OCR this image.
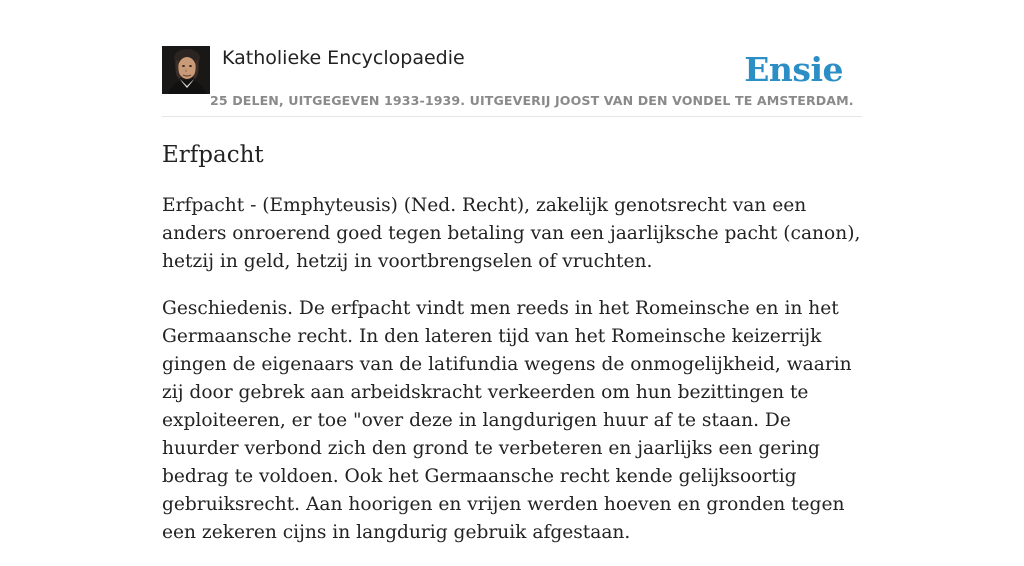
Katholieke Encyclopaedie
25 DELEN, UITGEGEVEN 1933-1939. UITGEVERIJ JOOST VAN DEN VONDEL TE AMSTERDAM.
Ensie
Erfpacht

Erfpacht - (Emphyteusis) (Ned. Recht), zakelijk genotsrecht van een anders onroerend goed tegen betaling van een jaarlijksche pacht (canon), hetzij in geld, hetzij in voortbrengselen of vruchten.

Geschiedenis. De erfpacht vindt men reeds in het Romeinsche en in het Germaansche recht. In den lateren tijd van het Romeinsche keizerrijk gingen de eigenaars van de latifundia wegens de onmogelijkheid, waarin zij door gebrek aan arbeidskracht verkeerden om hun bezittingen te exploiteeren, er toe "over deze in langdurigen huur af te staan. De huurder verbond zich den grond te verbeteren en jaarlijks een gering bedrag te voldoen. Ook het Germaansche recht kende gelijksoortig gebruiksrecht. Aan hoorigen en vrijen werden hoeven en gronden tegen een zekeren cijns in langdurig gebruik afgestaan.
